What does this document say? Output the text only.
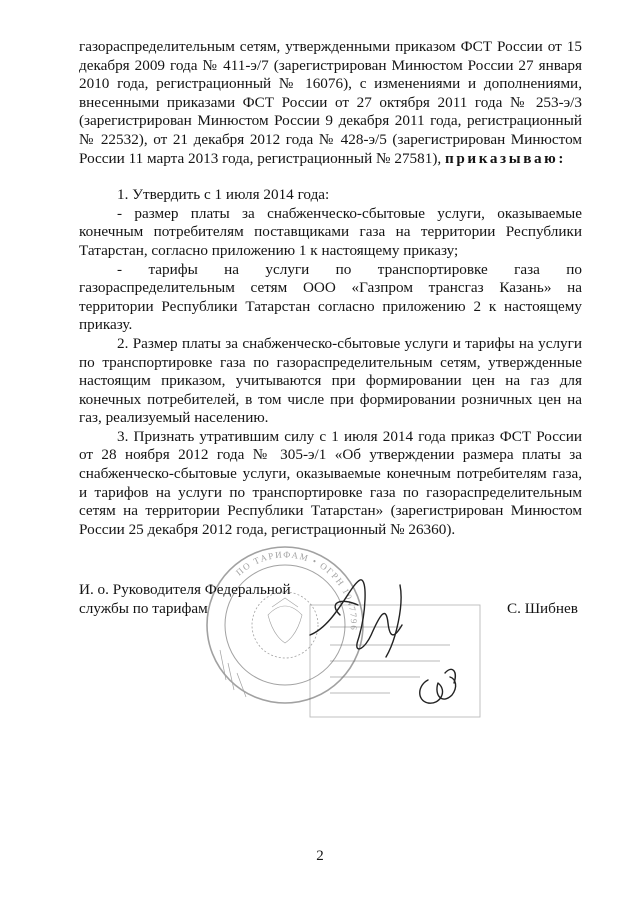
газораспределительным сетям, утвержденными приказом ФСТ России от 15 декабря 2009 года № 411-э/7 (зарегистрирован Минюстом России 27 января 2010 года, регистрационный № 16076), с изменениями и дополнениями, внесенными приказами ФСТ России от 27 октября 2011 года № 253-э/3 (зарегистрирован Минюстом России 9 декабря 2011 года, регистрационный № 22532), от 21 декабря 2012 года № 428-э/5 (зарегистрирован Минюстом России 11 марта 2013 года, регистрационный № 27581), приказываю:

1. Утвердить с 1 июля 2014 года:

- размер платы за снабженческо-сбытовые услуги, оказываемые конечным потребителям поставщиками газа на территории Республики Татарстан, согласно приложению 1 к настоящему приказу;

- тарифы на услуги по транспортировке газа по газораспределительным сетям ООО «Газпром трансгаз Казань» на территории Республики Татарстан согласно приложению 2 к настоящему приказу.

2. Размер платы за снабженческо-сбытовые услуги и тарифы на услуги по транспортировке газа по газораспределительным сетям, утвержденные настоящим приказом, учитываются при формировании цен на газ для конечных потребителей, в том числе при формировании розничных цен на газ, реализуемый населению.

3. Признать утратившим силу с 1 июля 2014 года приказ ФСТ России от 28 ноября 2012 года № 305-э/1 «Об утверждении размера платы за снабженческо-сбытовые услуги, оказываемые конечным потребителям газа, и тарифов на услуги по транспортировке газа по газораспределительным сетям на территории Республики Татарстан» (зарегистрирован Минюстом России 25 декабря 2012 года, регистрационный № 26360).

ПО ТАРИФАМ • ОГРН 1047796
И. о. Руководителя Федеральной
службы по тарифам	С. Шибнев
2
